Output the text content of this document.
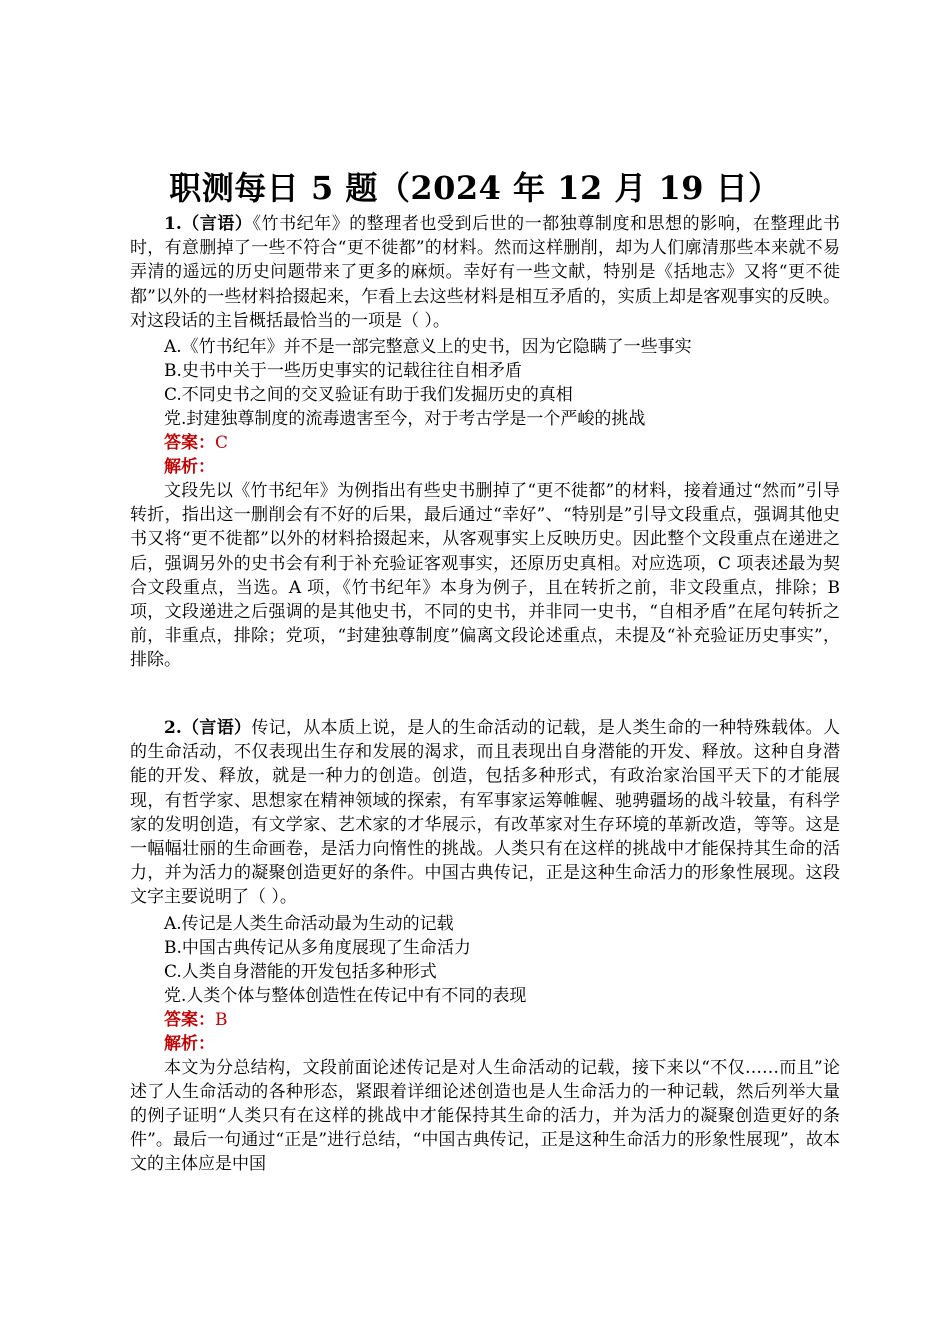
职测每日 5 题（2024 年 12 月 19 日）

1.（言语）《竹书纪年》的整理者也受到后世的一都独尊制度和思想的影响，在整理此书时，有意删掉了一些不符合“更不徙都”的材料。然而这样删削，却为人们廓清那些本来就不易弄清的遥远的历史问题带来了更多的麻烦。幸好有一些文献，特别是《括地志》又将“更不徙都”以外的一些材料拾掇起来，乍看上去这些材料是相互矛盾的，实质上却是客观事实的反映。对这段话的主旨概括最恰当的一项是（ ）。

A.《竹书纪年》并不是一部完整意义上的史书，因为它隐瞒了一些事实

B.史书中关于一些历史事实的记载往往自相矛盾

C.不同史书之间的交叉验证有助于我们发掘历史的真相

党.封建独尊制度的流毒遗害至今，对于考古学是一个严峻的挑战

答案：C

解析：

文段先以《竹书纪年》为例指出有些史书删掉了“更不徙都”的材料，接着通过“然而”引导转折，指出这一删削会有不好的后果，最后通过“幸好”、“特别是”引导文段重点，强调其他史书又将“更不徙都”以外的材料拾掇起来，从客观事实上反映历史。因此整个文段重点在递进之后，强调另外的史书会有利于补充验证客观事实，还原历史真相。对应选项，C 项表述最为契合文段重点，当选。A 项，《竹书纪年》本身为例子，且在转折之前，非文段重点，排除；B 项，文段递进之后强调的是其他史书，不同的史书，并非同一史书，“自相矛盾”在尾句转折之前，非重点，排除；党项，“封建独尊制度”偏离文段论述重点，未提及“补充验证历史事实”，排除。

2.（言语）传记，从本质上说，是人的生命活动的记载，是人类生命的一种特殊载体。人的生命活动，不仅表现出生存和发展的渴求，而且表现出自身潜能的开发、释放。这种自身潜能的开发、释放，就是一种力的创造。创造，包括多种形式，有政治家治国平天下的才能展现，有哲学家、思想家在精神领域的探索，有军事家运筹帷幄、驰骋疆场的战斗较量，有科学家的发明创造，有文学家、艺术家的才华展示，有改革家对生存环境的革新改造，等等。这是一幅幅壮丽的生命画卷，是活力向惰性的挑战。人类只有在这样的挑战中才能保持其生命的活力，并为活力的凝聚创造更好的条件。中国古典传记，正是这种生命活力的形象性展现。这段文字主要说明了（ ）。

A.传记是人类生命活动最为生动的记载

B.中国古典传记从多角度展现了生命活力

C.人类自身潜能的开发包括多种形式

党.人类个体与整体创造性在传记中有不同的表现

答案：B

解析：

本文为分总结构，文段前面论述传记是对人生命活动的记载，接下来以“不仅……而且”论述了人生命活动的各种形态，紧跟着详细论述创造也是人生命活力的一种记载，然后列举大量的例子证明“人类只有在这样的挑战中才能保持其生命的活力，并为活力的凝聚创造更好的条件”。最后一句通过“正是”进行总结，“中国古典传记，正是这种生命活力的形象性展现”，故本文的主体应是中国
